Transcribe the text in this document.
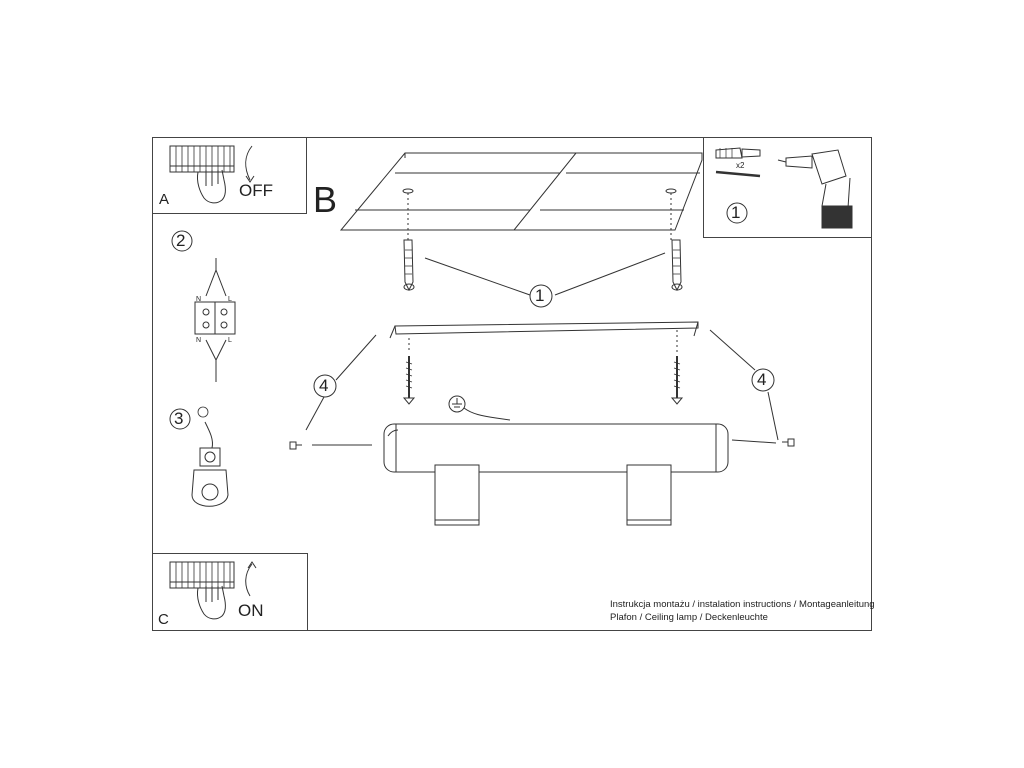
A	OFF
x2
C	ON
1
1
2
3
4	4
B
N	L
N	L
Instrukcja montażu / instalation instructions / Montageanleitung
Plafon / Ceiling lamp / Deckenleuchte
